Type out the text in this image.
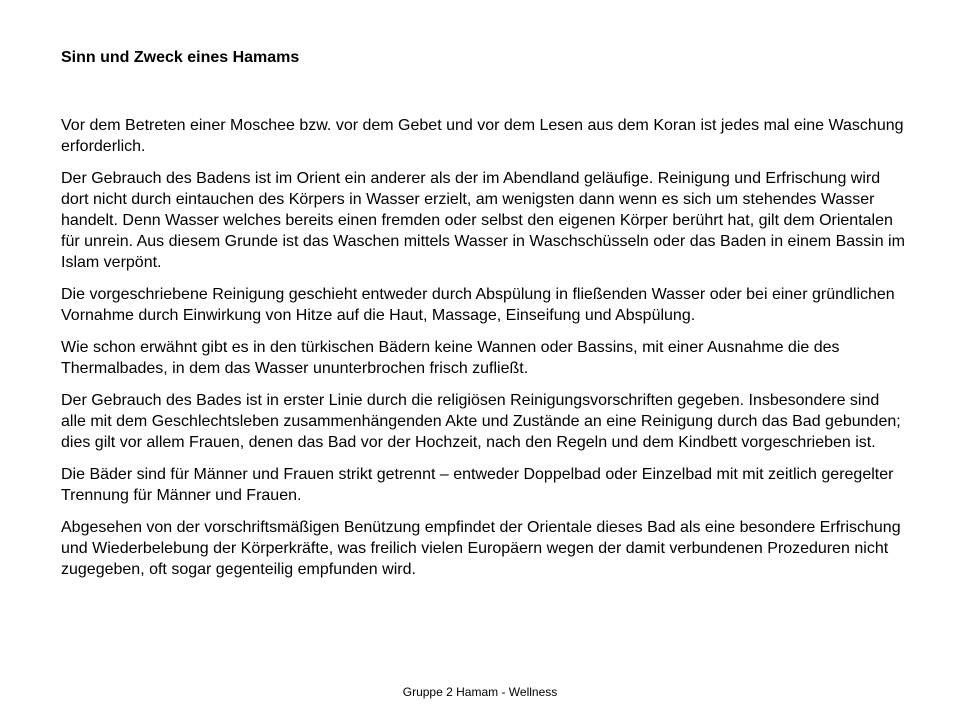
Sinn und Zweck eines Hamams

Vor dem Betreten einer Moschee bzw. vor dem Gebet und vor dem Lesen aus dem Koran ist jedes mal eine Waschung erforderlich.

Der Gebrauch des Badens ist im Orient ein anderer als der im Abendland geläufige. Reinigung und Erfrischung wird dort nicht durch eintauchen des Körpers in Wasser erzielt, am wenigsten dann wenn es sich um stehendes Wasser handelt. Denn Wasser welches bereits einen fremden oder selbst den eigenen Körper berührt hat, gilt dem Orientalen für unrein. Aus diesem Grunde ist das Waschen mittels Wasser in Waschschüsseln oder das Baden in einem Bassin im Islam verpönt.

Die vorgeschriebene Reinigung geschieht entweder durch Abspülung in fließenden Wasser oder bei einer gründlichen Vornahme durch Einwirkung von Hitze auf die Haut, Massage, Einseifung und Abspülung.

Wie schon erwähnt gibt es in den türkischen Bädern keine Wannen oder Bassins, mit einer Ausnahme die des Thermalbades, in dem das Wasser ununterbrochen frisch zufließt.

Der Gebrauch des Bades ist in erster Linie durch die religiösen Reinigungsvorschriften gegeben. Insbesondere sind alle mit dem Geschlechtsleben zusammenhängenden Akte und Zustände an eine Reinigung durch das Bad gebunden; dies gilt vor allem Frauen, denen das Bad vor der Hochzeit, nach den Regeln und dem Kindbett vorgeschrieben ist.

Die Bäder sind für Männer und Frauen strikt getrennt – entweder Doppelbad oder Einzelbad mit mit zeitlich geregelter Trennung für Männer und Frauen.

Abgesehen von der vorschriftsmäßigen Benützung empfindet der Orientale dieses Bad als eine besondere Erfrischung und Wiederbelebung der Körperkräfte, was freilich vielen Europäern wegen der damit verbundenen Prozeduren nicht zugegeben, oft sogar gegenteilig empfunden wird.

Gruppe 2 Hamam - Wellness
